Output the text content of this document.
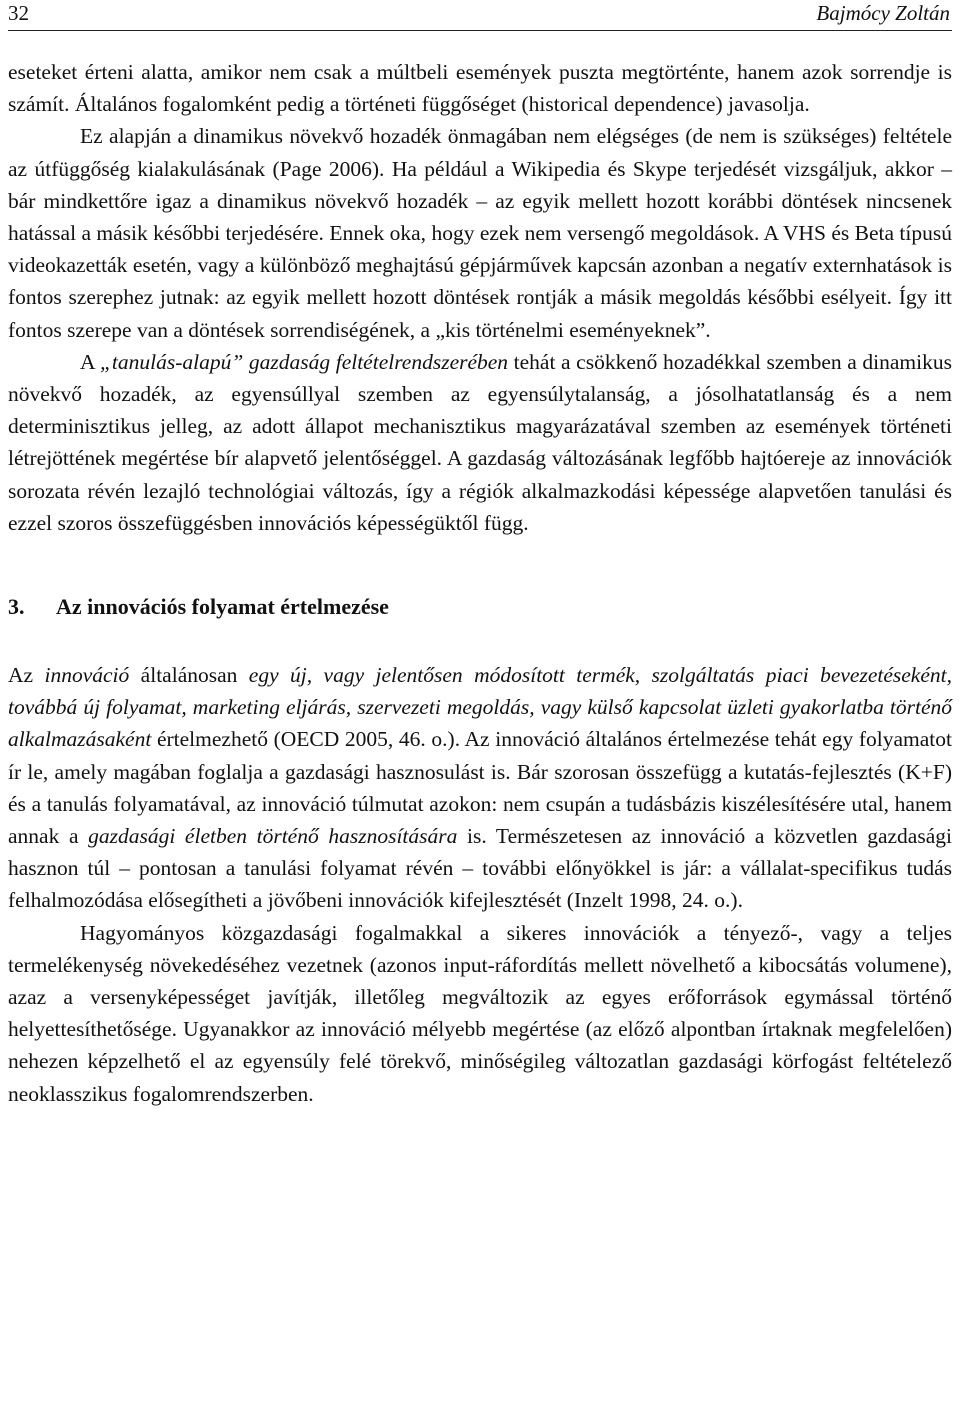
32	Bajmócy Zoltán

eseteket érteni alatta, amikor nem csak a múltbeli események puszta megtörténte, hanem azok sorrendje is számít. Általános fogalomként pedig a történeti függőséget (historical dependence) javasolja.

Ez alapján a dinamikus növekvő hozadék önmagában nem elégséges (de nem is szükséges) feltétele az útfüggőség kialakulásának (Page 2006). Ha például a Wikipedia és Skype terjedését vizsgáljuk, akkor – bár mindkettőre igaz a dinamikus növekvő hozadék – az egyik mellett hozott korábbi döntések nincsenek hatással a másik későbbi terjedésére. Ennek oka, hogy ezek nem versengő megoldások. A VHS és Beta típusú videokazetták esetén, vagy a különböző meghajtású gépjárművek kapcsán azonban a negatív externhatások is fontos szerephez jutnak: az egyik mellett hozott döntések rontják a másik megoldás későbbi esélyeit. Így itt fontos szerepe van a döntések sorrendiségének, a „kis történelmi eseményeknek”.

A „tanulás-alapú” gazdaság feltételrendszerében tehát a csökkenő hozadékkal szemben a dinamikus növekvő hozadék, az egyensúllyal szemben az egyensúlytalanság, a jósolhatatlanság és a nem determinisztikus jelleg, az adott állapot mechanisztikus magyarázatával szemben az események történeti létrejöttének megértése bír alapvető jelentőséggel. A gazdaság változásának legfőbb hajtóereje az innovációk sorozata révén lezajló technológiai változás, így a régiók alkalmazkodási képessége alapvetően tanulási és ezzel szoros összefüggésben innovációs képességüktől függ.

3. Az innovációs folyamat értelmezése

Az innováció általánosan egy új, vagy jelentősen módosított termék, szolgáltatás piaci bevezetéseként, továbbá új folyamat, marketing eljárás, szervezeti megoldás, vagy külső kapcsolat üzleti gyakorlatba történő alkalmazásaként értelmezhető (OECD 2005, 46. o.). Az innováció általános értelmezése tehát egy folyamatot ír le, amely magában foglalja a gazdasági hasznosulást is. Bár szorosan összefügg a kutatás-fejlesztés (K+F) és a tanulás folyamatával, az innováció túlmutat azokon: nem csupán a tudásbázis kiszélesítésére utal, hanem annak a gazdasági életben történő hasznosítására is. Természetesen az innováció a közvetlen gazdasági hasznon túl – pontosan a tanulási folyamat révén – további előnyökkel is jár: a vállalat-specifikus tudás felhalmozódása elősegítheti a jövőbeni innovációk kifejlesztését (Inzelt 1998, 24. o.).

Hagyományos közgazdasági fogalmakkal a sikeres innovációk a tényező-, vagy a teljes termelékenység növekedéséhez vezetnek (azonos input-ráfordítás mellett növelhető a kibocsátás volumene), azaz a versenyképességet javítják, illetőleg megváltozik az egyes erőforrások egymással történő helyettesíthetősége. Ugyanakkor az innováció mélyebb megértése (az előző alpontban írtaknak megfelelően) nehezen képzelhető el az egyensúly felé törekvő, minőségileg változatlan gazdasági körfogást feltételező neoklasszikus fogalomrendszerben.
